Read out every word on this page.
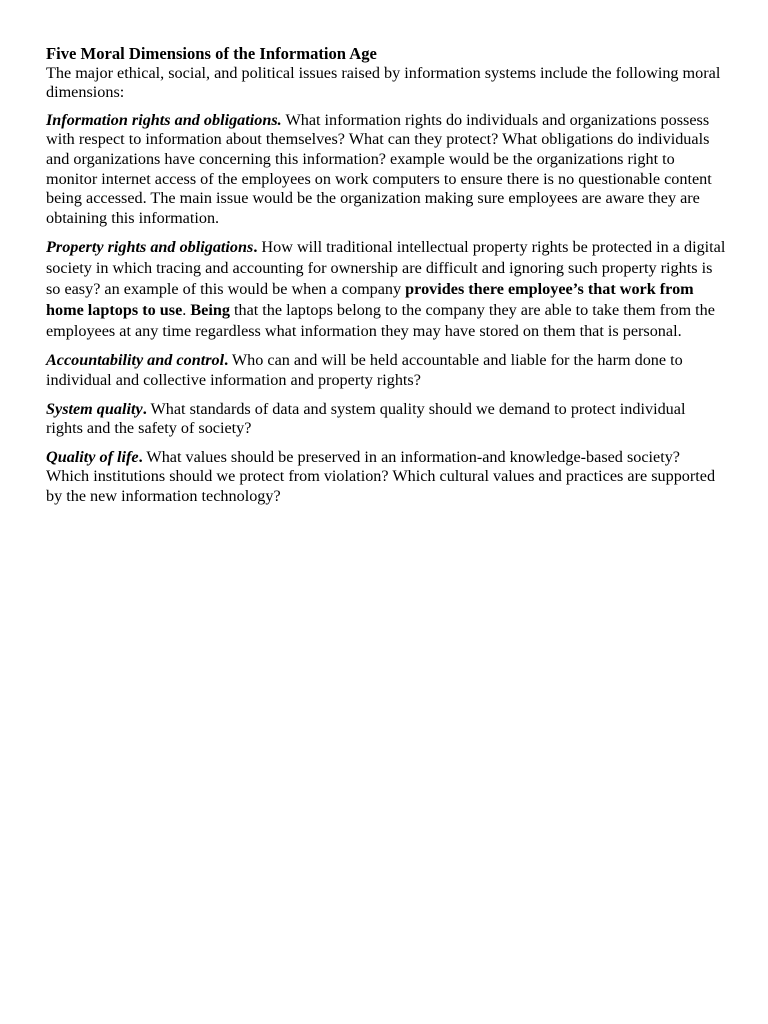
Five Moral Dimensions of the Information Age

The major ethical, social, and political issues raised by information systems include the following moral dimensions:

Information rights and obligations. What information rights do individuals and organizations possess with respect to information about themselves? What can they protect? What obligations do individuals and organizations have concerning this information? example would be the organizations right to monitor internet access of the employees on work computers to ensure there is no questionable content being accessed. The main issue would be the organization making sure employees are aware they are obtaining this information.

Property rights and obligations. How will traditional intellectual property rights be protected in a digital society in which tracing and accounting for ownership are difficult and ignoring such property rights is so easy? an example of this would be when a company provides there employee’s that work from home laptops to use. Being that the laptops belong to the company they are able to take them from the employees at any time regardless what information they may have stored on them that is personal.

Accountability and control. Who can and will be held accountable and liable for the harm done to individual and collective information and property rights?

System quality. What standards of data and system quality should we demand to protect individual rights and the safety of society?

Quality of life. What values should be preserved in an information-and knowledge-based society? Which institutions should we protect from violation? Which cultural values and practices are supported by the new information technology?
